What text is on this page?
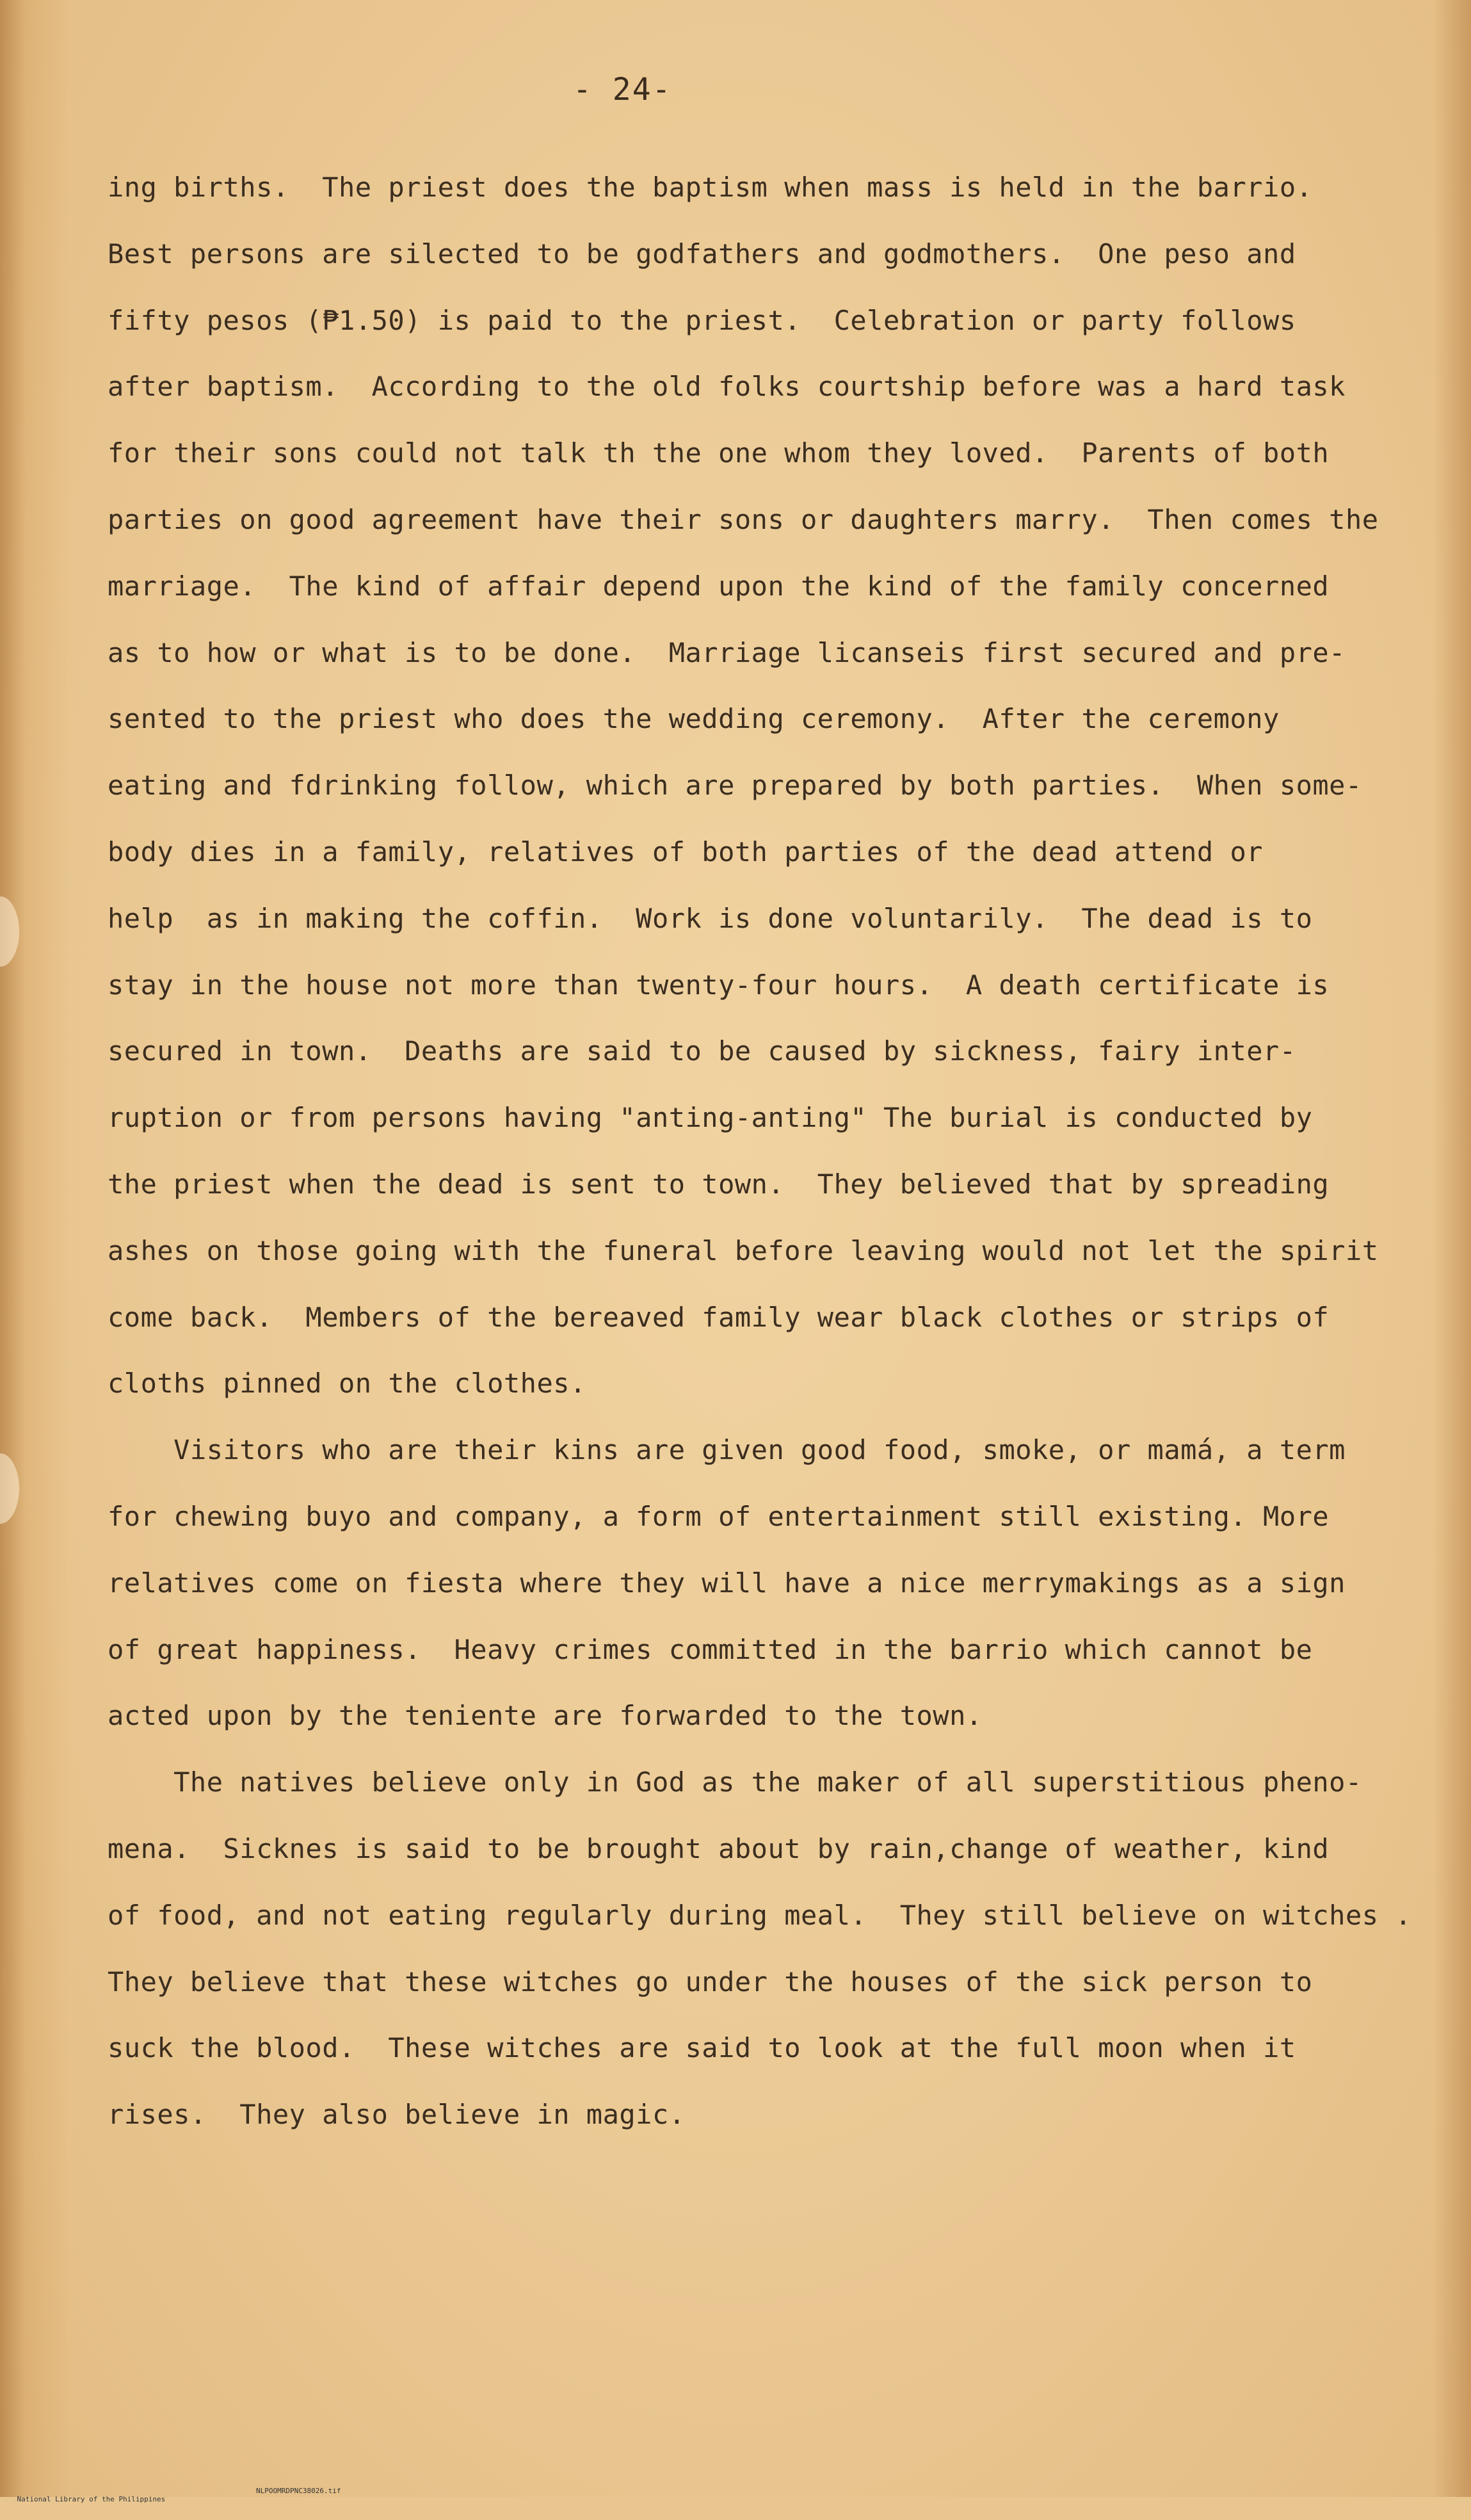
- 24-
ing births.  The priest does the baptism when mass is held in the barrio.
Best persons are silected to be godfathers and godmothers.  One peso and
fifty pesos (₱1.50) is paid to the priest.  Celebration or party follows
after baptism.  According to the old folks courtship before was a hard task
for their sons could not talk th the one whom they loved.  Parents of both
parties on good agreement have their sons or daughters marry.  Then comes the
marriage.  The kind of affair depend upon the kind of the family concerned
as to how or what is to be done.  Marriage licanseis first secured and pre-
sented to the priest who does the wedding ceremony.  After the ceremony
eating and fdrinking follow, which are prepared by both parties.  When some-
body dies in a family, relatives of both parties of the dead attend or
help  as in making the coffin.  Work is done voluntarily.  The dead is to
stay in the house not more than twenty-four hours.  A death certificate is
secured in town.  Deaths are said to be caused by sickness, fairy inter-
ruption or from persons having "anting-anting" The burial is conducted by
the priest when the dead is sent to town.  They believed that by spreading
ashes on those going with the funeral before leaving would not let the spirit
come back.  Members of the bereaved family wear black clothes or strips of
cloths pinned on the clothes.
Visitors who are their kins are given good food, smoke, or mamá, a term
for chewing buyo and company, a form of entertainment still existing. More
relatives come on fiesta where they will have a nice merrymakings as a sign
of great happiness.  Heavy crimes committed in the barrio which cannot be
acted upon by the teniente are forwarded to the town.
The natives believe only in God as the maker of all superstitious pheno-
mena.  Sicknes is said to be brought about by rain,change of weather, kind
of food, and not eating regularly during meal.  They still believe on witches .
They believe that these witches go under the houses of the sick person to
suck the blood.  These witches are said to look at the full moon when it
rises.  They also believe in magic.

National Library of the Philippines

NLPOOMRDPNC38026.tif
